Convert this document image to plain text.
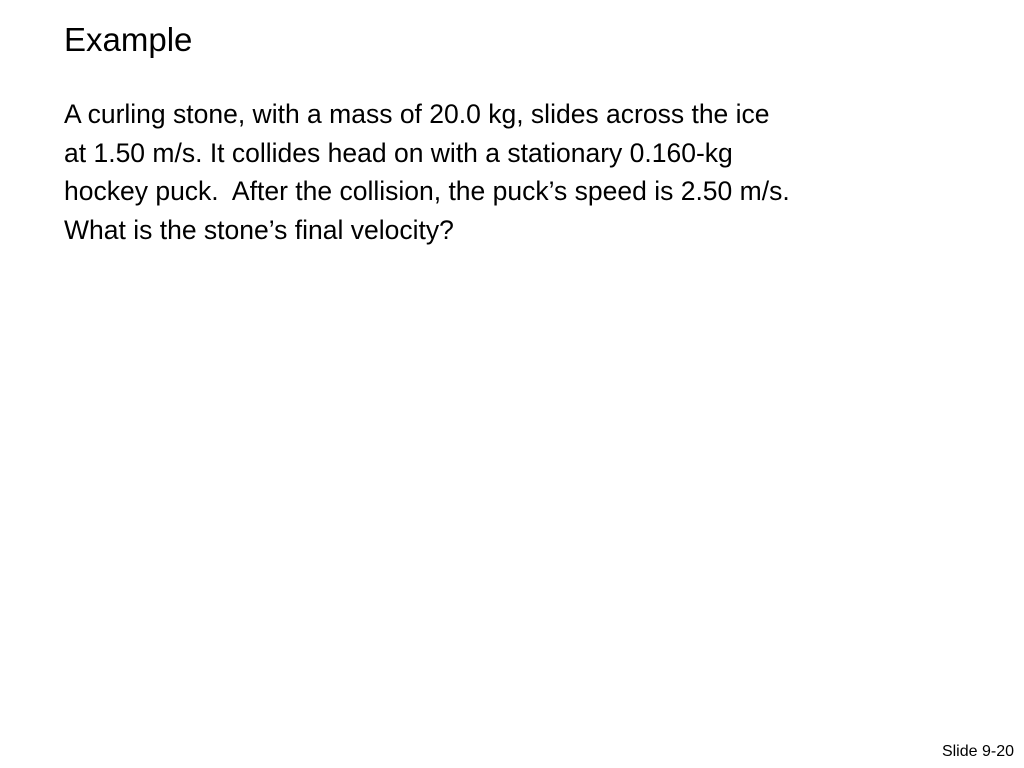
Example

A curling stone, with a mass of 20.0 kg, slides across the ice
at 1.50 m/s. It collides head on with a stationary 0.160-kg
hockey puck.  After the collision, the puck’s speed is 2.50 m/s.
What is the stone’s final velocity?

Slide 9-20
